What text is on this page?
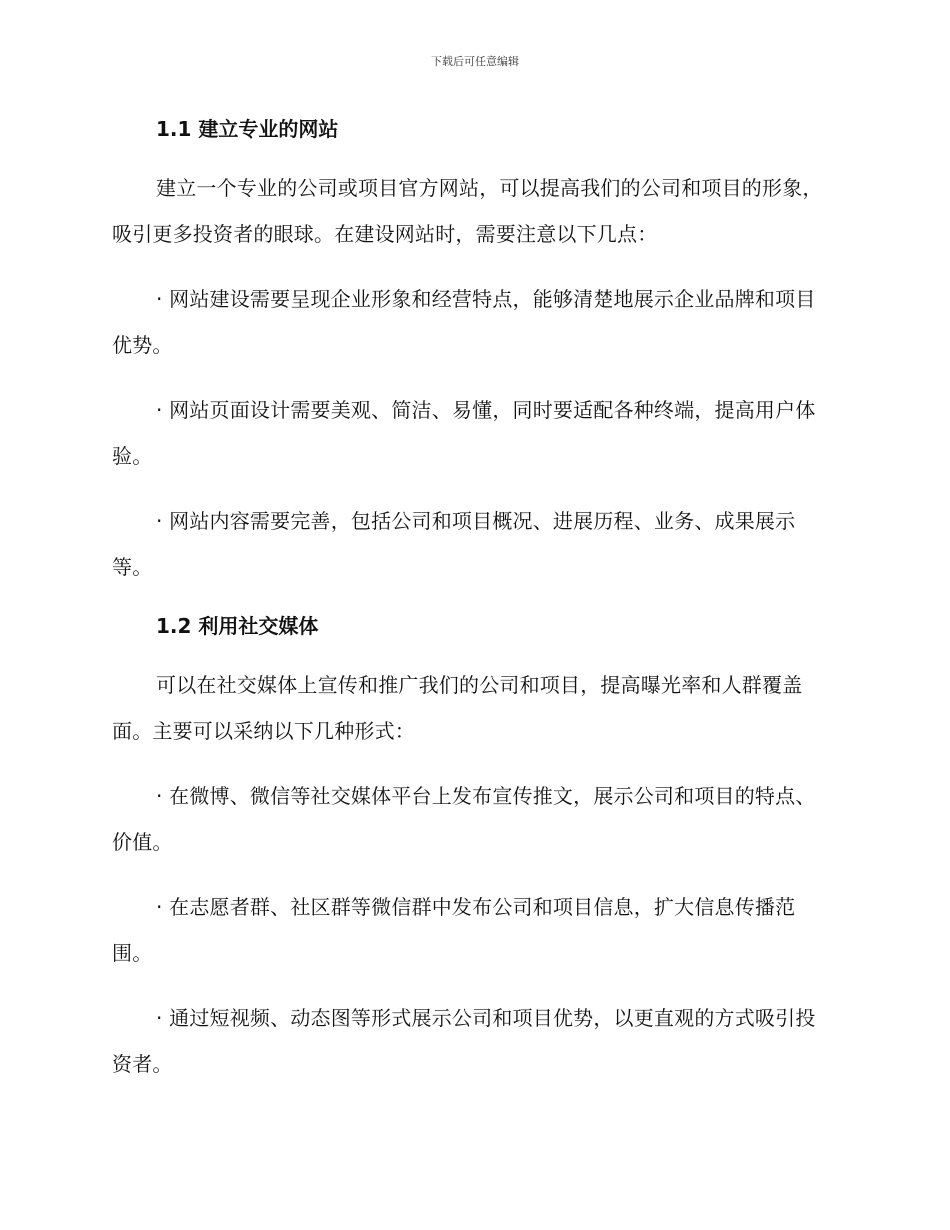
下载后可任意编辑
1.1 建立专业的网站

建立一个专业的公司或项目官方网站，可以提高我们的公司和项目的形象，吸引更多投资者的眼球。在建设网站时，需要注意以下几点：

· 网站建设需要呈现企业形象和经营特点，能够清楚地展示企业品牌和项目优势。

· 网站页面设计需要美观、简洁、易懂，同时要适配各种终端，提高用户体验。

· 网站内容需要完善，包括公司和项目概况、进展历程、业务、成果展示等。

1.2 利用社交媒体

可以在社交媒体上宣传和推广我们的公司和项目，提高曝光率和人群覆盖面。主要可以采纳以下几种形式：

· 在微博、微信等社交媒体平台上发布宣传推文，展示公司和项目的特点、价值。

· 在志愿者群、社区群等微信群中发布公司和项目信息，扩大信息传播范围。

· 通过短视频、动态图等形式展示公司和项目优势，以更直观的方式吸引投资者。
